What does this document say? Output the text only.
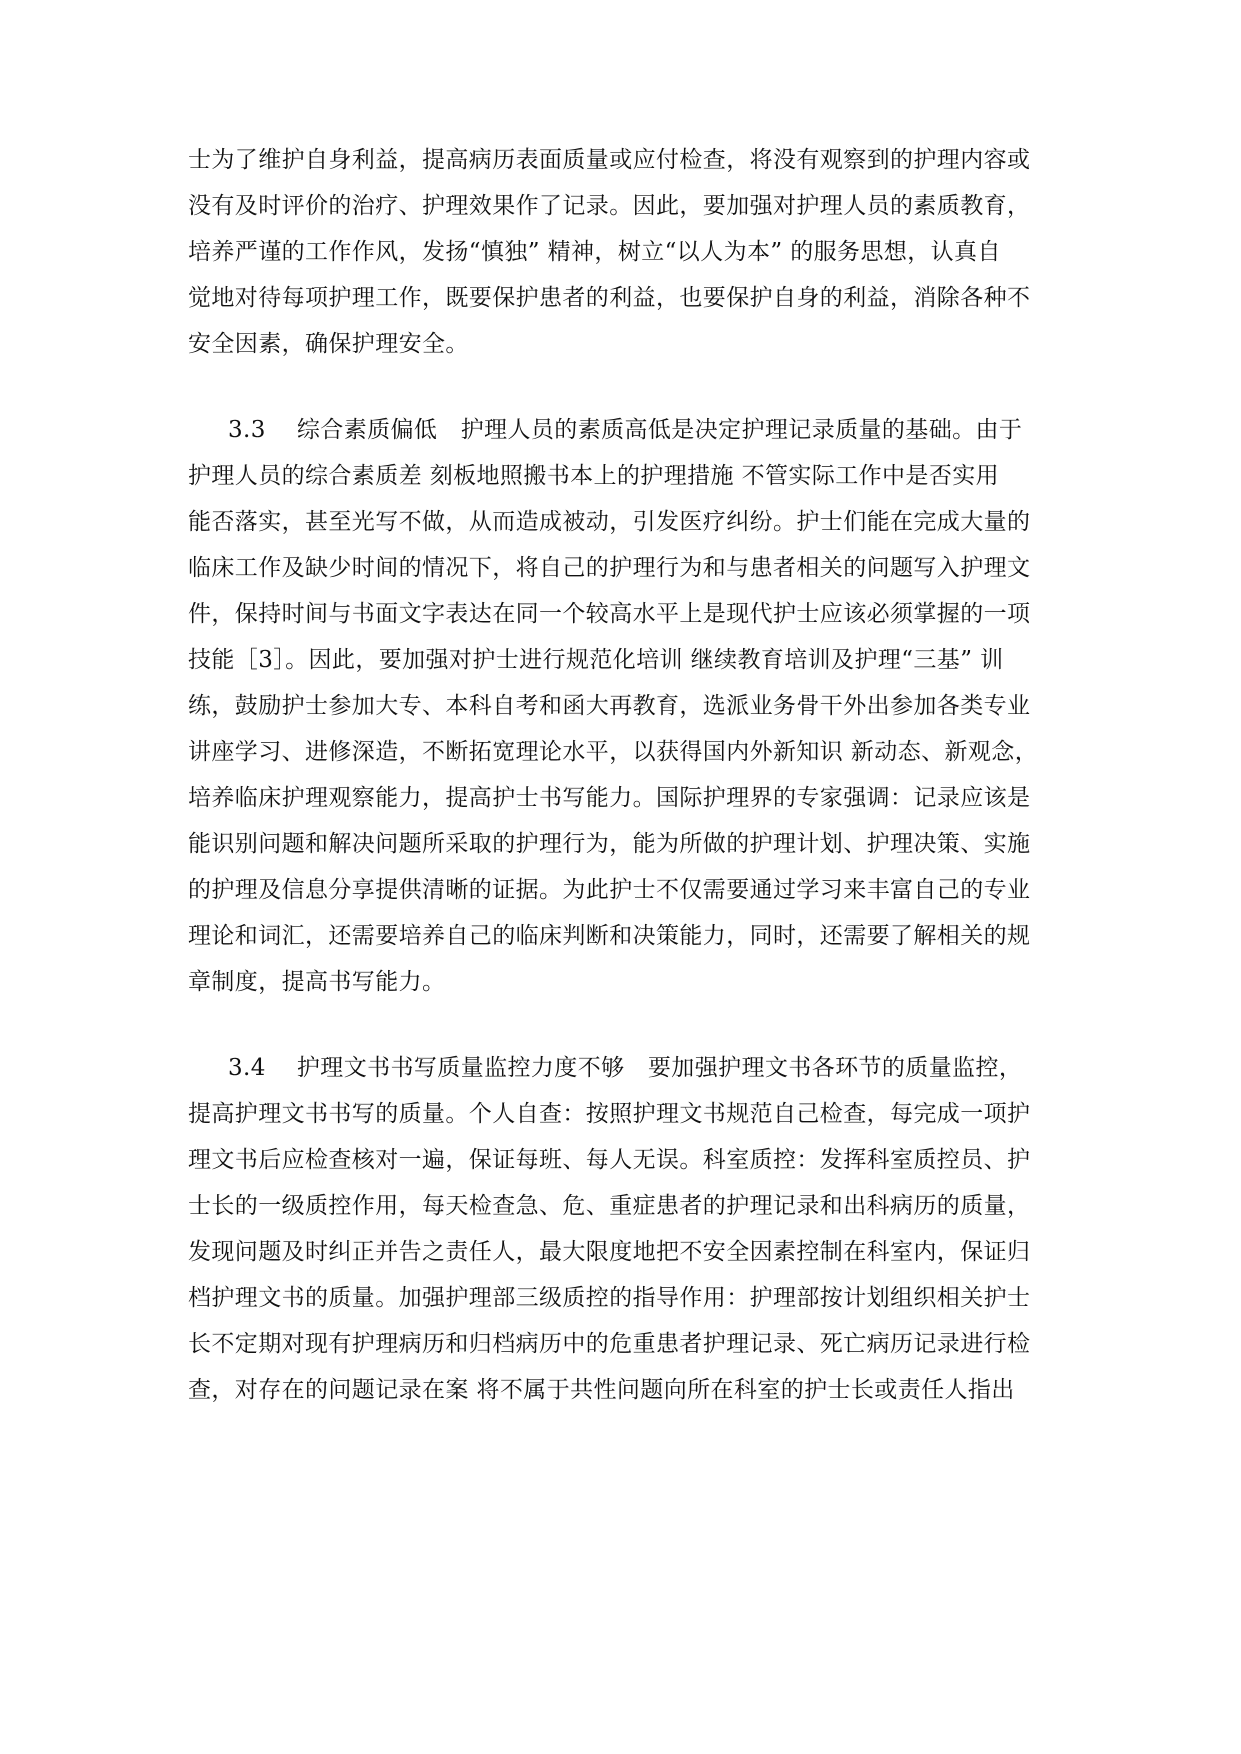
士为了维护自身利益，提高病历表面质量或应付检查，将没有观察到的护理内容或
没有及时评价的治疗、护理效果作了记录。因此，要加强对护理人员的素质教育，
培养严谨的工作作风，发扬“慎独” 精神，树立“以人为本” 的服务思想，认真自
觉地对待每项护理工作，既要保护患者的利益，也要保护自身的利益，消除各种不
安全因素，确保护理安全。
3.3　 综合素质偏低　护理人员的素质高低是决定护理记录质量的基础。由于
护理人员的综合素质差 刻板地照搬书本上的护理措施 不管实际工作中是否实用
能否落实，甚至光写不做，从而造成被动，引发医疗纠纷。护士们能在完成大量的
临床工作及缺少时间的情况下，将自己的护理行为和与患者相关的问题写入护理文
件，保持时间与书面文字表达在同一个较高水平上是现代护士应该必须掌握的一项
技能［3］。因此，要加强对护士进行规范化培训 继续教育培训及护理“三基” 训
练，鼓励护士参加大专、本科自考和函大再教育，选派业务骨干外出参加各类专业
讲座学习、进修深造，不断拓宽理论水平，以获得国内外新知识 新动态、新观念，
培养临床护理观察能力，提高护士书写能力。国际护理界的专家强调：记录应该是
能识别问题和解决问题所采取的护理行为，能为所做的护理计划、护理决策、实施
的护理及信息分享提供清晰的证据。为此护士不仅需要通过学习来丰富自己的专业
理论和词汇，还需要培养自己的临床判断和决策能力，同时，还需要了解相关的规
章制度，提高书写能力。
3.4　 护理文书书写质量监控力度不够　要加强护理文书各环节的质量监控，
提高护理文书书写的质量。个人自查：按照护理文书规范自己检查，每完成一项护
理文书后应检查核对一遍，保证每班、每人无误。科室质控：发挥科室质控员、护
士长的一级质控作用，每天检查急、危、重症患者的护理记录和出科病历的质量，
发现问题及时纠正并告之责任人，最大限度地把不安全因素控制在科室内，保证归
档护理文书的质量。加强护理部三级质控的指导作用：护理部按计划组织相关护士
长不定期对现有护理病历和归档病历中的危重患者护理记录、死亡病历记录进行检
查，对存在的问题记录在案 将不属于共性问题向所在科室的护士长或责任人指出
